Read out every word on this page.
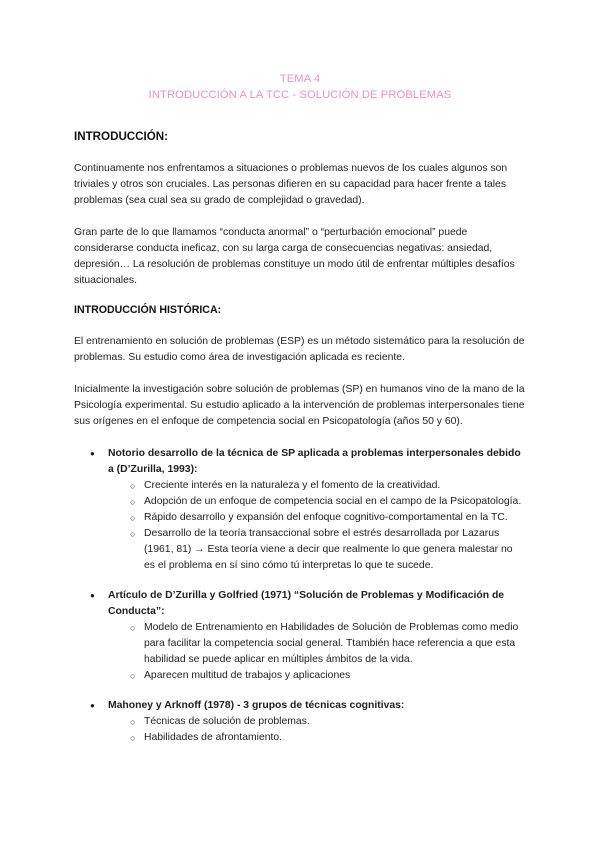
TEMA 4
INTRODUCCIÓN A LA TCC - SOLUCIÓN DE PROBLEMAS
INTRODUCCIÓN:

Continuamente nos enfrentamos a situaciones o problemas nuevos de los cuales algunos son triviales y otros son cruciales. Las personas difieren en su capacidad para hacer frente a tales problemas (sea cual sea su grado de complejidad o gravedad).

Gran parte de lo que llamamos “conducta anormal” o “perturbación emocional” puede considerarse conducta ineficaz, con su larga carga de consecuencias negativas: ansiedad, depresión… La resolución de problemas constituye un modo útil de enfrentar múltiples desafíos situacionales.

INTRODUCCIÓN HISTÓRICA:

El entrenamiento en solución de problemas (ESP) es un método sistemático para la resolución de problemas. Su estudio como área de investigación aplicada es reciente.

Inicialmente la investigación sobre solución de problemas (SP) en humanos vino de la mano de la Psicología experimental. Su estudio aplicado a la intervención de problemas interpersonales tiene sus orígenes en el enfoque de competencia social en Psicopatología (años 50 y 60).

● Notorio desarrollo de la técnica de SP aplicada a problemas interpersonales debido a (D’Zurilla, 1993):
○ Creciente interés en la naturaleza y el fomento de la creatividad.
○ Adopción de un enfoque de competencia social en el campo de la Psicopatología.
○ Rápido desarrollo y expansión del enfoque cognitivo-comportamental en la TC.
○ Desarrollo de la teoría transaccional sobre el estrés desarrollada por Lazarus (1961, 81) → Esta teoría viene a decir que realmente lo que genera malestar no es el problema en sí sino cómo tú interpretas lo que te sucede.
● Artículo de D’Zurilla y Golfried (1971) “Solución de Problemas y Modificación de Conducta”:
○ Modelo de Entrenamiento en Habilidades de Solución de Problemas como medio para facilitar la competencia social general. Ttambién hace referencia a que esta habilidad se puede aplicar en múltiples ámbitos de la vida.
○ Aparecen multitud de trabajos y aplicaciones
● Mahoney y Arknoff (1978) - 3 grupos de técnicas cognitivas:
○ Técnicas de solución de problemas.
○ Habilidades de afrontamiento.
